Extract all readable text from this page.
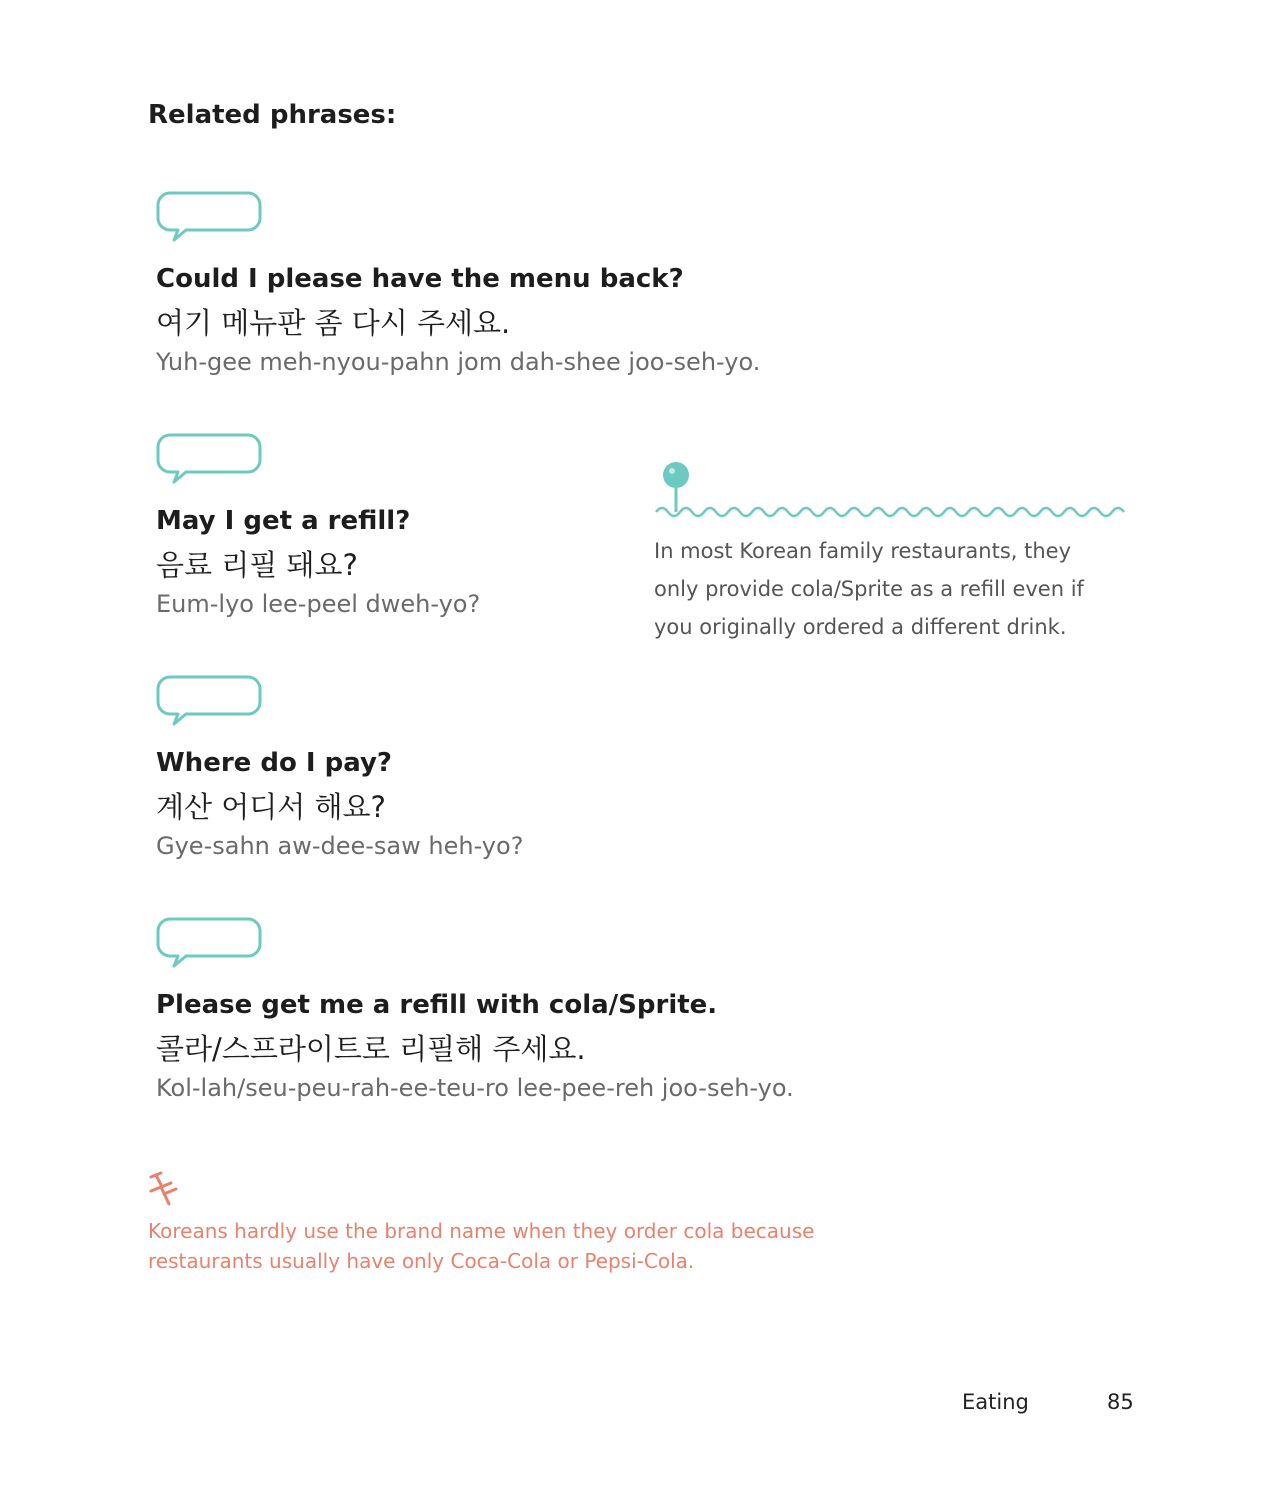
Related phrases:
Could I please have the menu back?
여기 메뉴판 좀 다시 주세요.
Yuh-gee meh-nyou-pahn jom dah-shee joo-seh-yo.
May I get a refill?
음료 리필 돼요?
Eum-lyo lee-peel dweh-yo?
Where do I pay?
계산 어디서 해요?
Gye-sahn aw-dee-saw heh-yo?
Please get me a refill with cola/Sprite.
콜라/스프라이트로 리필해 주세요.
Kol-lah/seu-peu-rah-ee-teu-ro lee-pee-reh joo-seh-yo.
In most Korean family restaurants, they
only provide cola/Sprite as a refill even if
you originally ordered a different drink.
Koreans hardly use the brand name when they order cola because
restaurants usually have only Coca-Cola or Pepsi-Cola.
Eating	85
